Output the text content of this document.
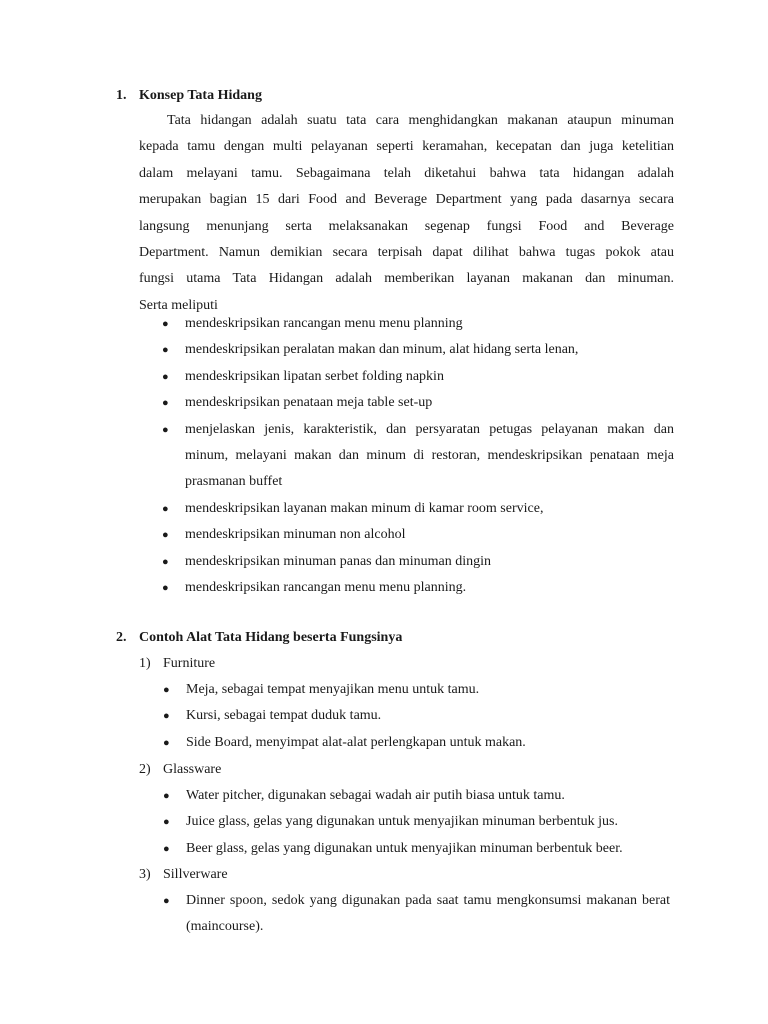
1. Konsep Tata Hidang
Tata hidangan adalah suatu tata cara menghidangkan makanan ataupun minuman
kepada tamu dengan multi pelayanan seperti keramahan, kecepatan dan juga ketelitian
dalam melayani tamu. Sebagaimana telah diketahui bahwa tata hidangan adalah
merupakan bagian 15 dari Food and Beverage Department yang pada dasarnya secara
langsung menunjang serta melaksanakan segenap fungsi Food and Beverage
Department. Namun demikian secara terpisah dapat dilihat bahwa tugas pokok atau
fungsi utama Tata Hidangan adalah memberikan layanan makanan dan minuman.
Serta meliputi
● mendeskripsikan rancangan menu menu planning
● mendeskripsikan peralatan makan dan minum, alat hidang serta lenan,
● mendeskripsikan lipatan serbet folding napkin
● mendeskripsikan penataan meja table set-up
● menjelaskan jenis, karakteristik, dan persyaratan petugas pelayanan makan dan minum, melayani makan dan minum di restoran, mendeskripsikan penataan meja prasmanan buffet
● mendeskripsikan layanan makan minum di kamar room service,
● mendeskripsikan minuman non alcohol
● mendeskripsikan minuman panas dan minuman dingin
● mendeskripsikan rancangan menu menu planning.
2. Contoh Alat Tata Hidang beserta Fungsinya
1) Furniture
● Meja, sebagai tempat menyajikan menu untuk tamu.
● Kursi, sebagai tempat duduk tamu.
● Side Board, menyimpat alat-alat perlengkapan untuk makan.
2) Glassware
● Water pitcher, digunakan sebagai wadah air putih biasa untuk tamu.
● Juice glass, gelas yang digunakan untuk menyajikan minuman berbentuk jus.
● Beer glass, gelas yang digunakan untuk menyajikan minuman berbentuk beer.
3) Sillverware
● Dinner spoon, sedok yang digunakan pada saat tamu mengkonsumsi makanan berat (maincourse).
